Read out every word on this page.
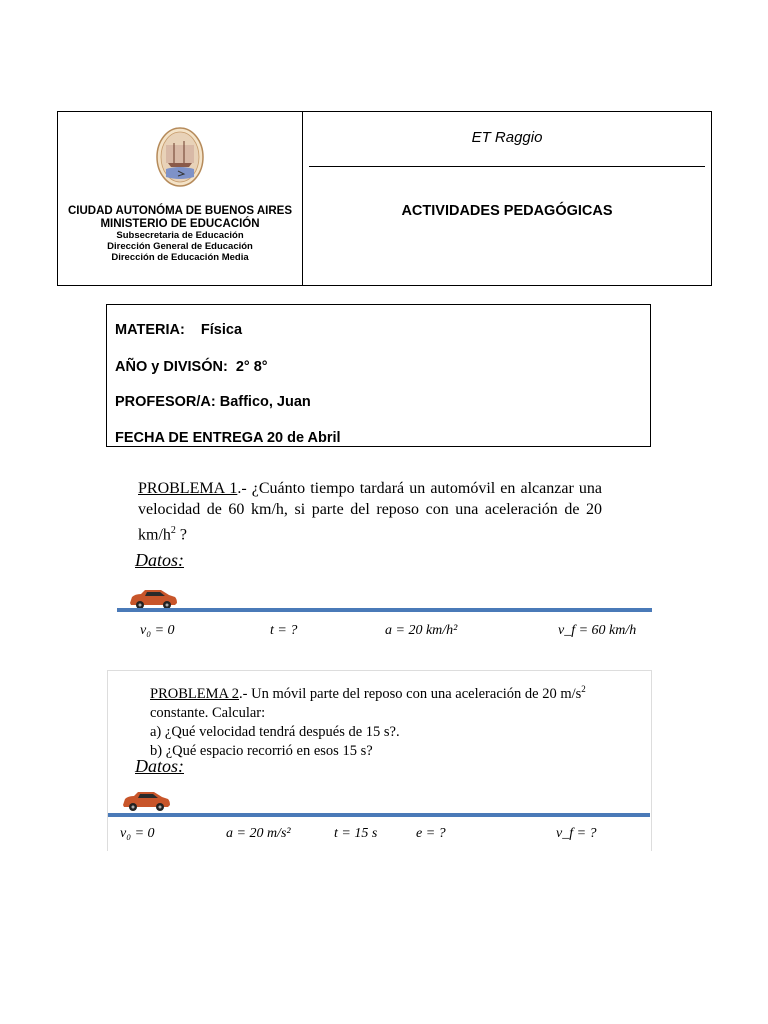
CIUDAD AUTONÓMA DE BUENOS AIRES
MINISTERIO DE EDUCACIÓN
Subsecretaria de Educación
Dirección General de Educación
Dirección de Educación Media
ET Raggio
ACTIVIDADES PEDAGÓGICAS
MATERIA:    Física
AÑO y DIVISÓN:  2° 8°
PROFESOR/A: Baffico, Juan
FECHA DE ENTREGA 20 de Abril
PROBLEMA 1.- ¿Cuánto tiempo tardará un automóvil en alcanzar una velocidad de 60 km/h, si parte del reposo con una aceleración de 20 $km/h^2$ ?
Datos:
v₀ = 0	t = ?	a = 20 km/h²	v_f = 60 km/h
PROBLEMA 2.- Un móvil parte del reposo con una aceleración de 20 $m/s^2$ constante. Calcular:
a) ¿Qué velocidad tendrá después de 15 s?.
b) ¿Qué espacio recorrió en esos 15 s?
Datos:
v₀ = 0	a = 20 m/s²	t = 15 s	e = ?	v_f = ?
